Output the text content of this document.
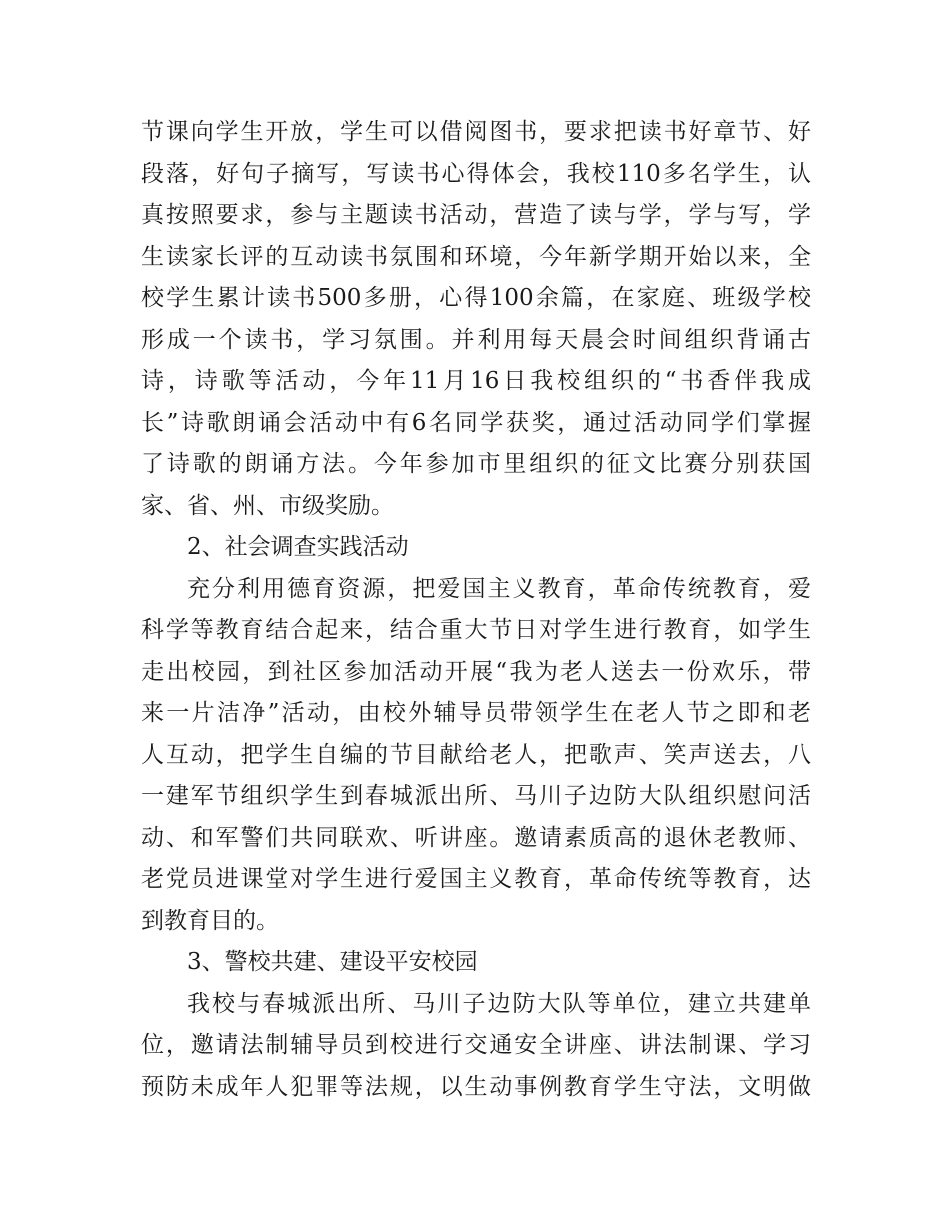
节课向学生开放，学生可以借阅图书，要求把读书好章节、好
段落，好句子摘写，写读书心得体会，我校110多名学生，认
真按照要求，参与主题读书活动，营造了读与学，学与写，学
生读家长评的互动读书氛围和环境，今年新学期开始以来，全
校学生累计读书500多册，心得100余篇，在家庭、班级学校
形成一个读书，学习氛围。并利用每天晨会时间组织背诵古
诗，诗歌等活动，今年11月16日我校组织的“书香伴我成
长”诗歌朗诵会活动中有6名同学获奖，通过活动同学们掌握
了诗歌的朗诵方法。今年参加市里组织的征文比赛分别获国
家、省、州、市级奖励。
2、社会调查实践活动
充分利用德育资源，把爱国主义教育，革命传统教育，爱
科学等教育结合起来，结合重大节日对学生进行教育，如学生
走出校园，到社区参加活动开展“我为老人送去一份欢乐，带
来一片洁净”活动，由校外辅导员带领学生在老人节之即和老
人互动，把学生自编的节目献给老人，把歌声、笑声送去，八
一建军节组织学生到春城派出所、马川子边防大队组织慰问活
动、和军警们共同联欢、听讲座。邀请素质高的退休老教师、
老党员进课堂对学生进行爱国主义教育，革命传统等教育，达
到教育目的。
3、警校共建、建设平安校园
我校与春城派出所、马川子边防大队等单位，建立共建单
位，邀请法制辅导员到校进行交通安全讲座、讲法制课、学习
预防未成年人犯罪等法规，以生动事例教育学生守法，文明做
